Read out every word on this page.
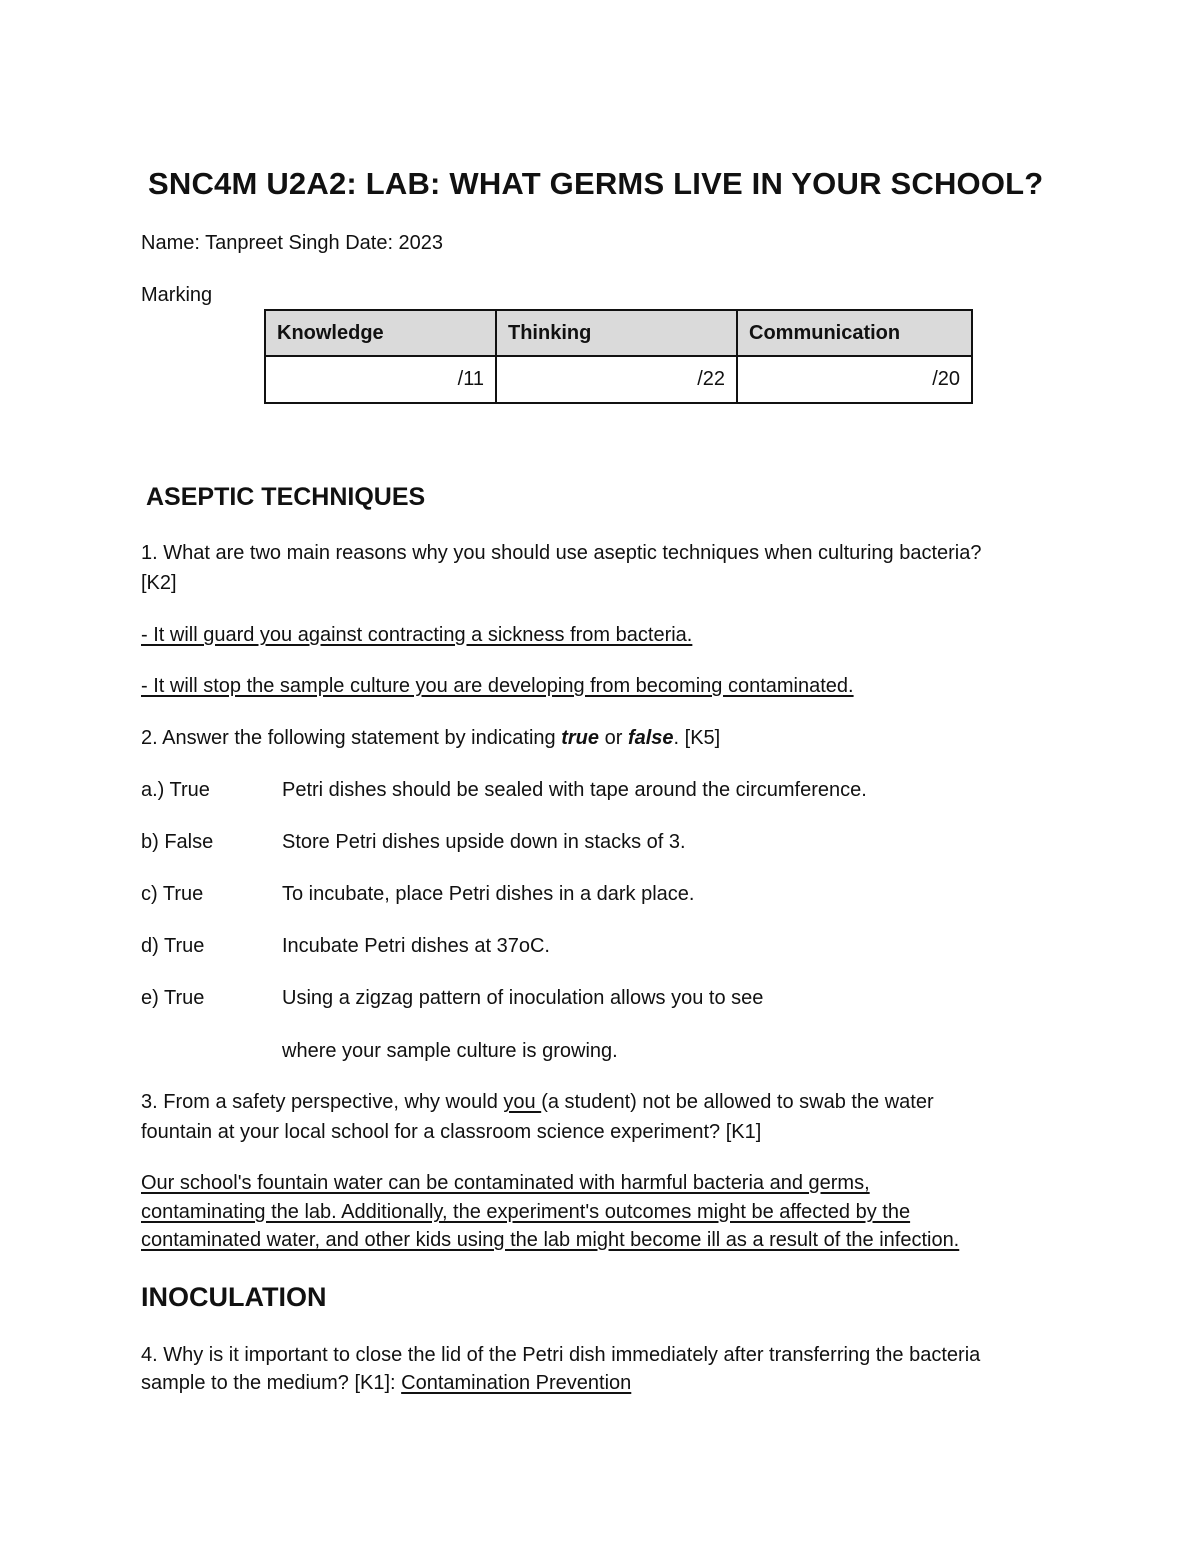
SNC4M U2A2: LAB: WHAT GERMS LIVE IN YOUR SCHOOL?
Name: Tanpreet Singh Date: 2023
Marking
Knowledge	Thinking	Communication
/11	/22	/20
ASEPTIC TECHNIQUES
1. What are two main reasons why you should use aseptic techniques when culturing bacteria?
[K2]
- It will guard you against contracting a sickness from bacteria.
- It will stop the sample culture you are developing from becoming contaminated.
2. Answer the following statement by indicating true or false. [K5]
a.) True	Petri dishes should be sealed with tape around the circumference.
b) False	Store Petri dishes upside down in stacks of 3.
c) True	To incubate, place Petri dishes in a dark place.
d) True	Incubate Petri dishes at 37oC.
e) True	Using a zigzag pattern of inoculation allows you to see
where your sample culture is growing.
3. From a safety perspective, why would you (a student) not be allowed to swab the water
fountain at your local school for a classroom science experiment? [K1]
Our school's fountain water can be contaminated with harmful bacteria and germs,
contaminating the lab. Additionally, the experiment's outcomes might be affected by the
contaminated water, and other kids using the lab might become ill as a result of the infection.
INOCULATION
4. Why is it important to close the lid of the Petri dish immediately after transferring the bacteria
sample to the medium? [K1]: Contamination Prevention
